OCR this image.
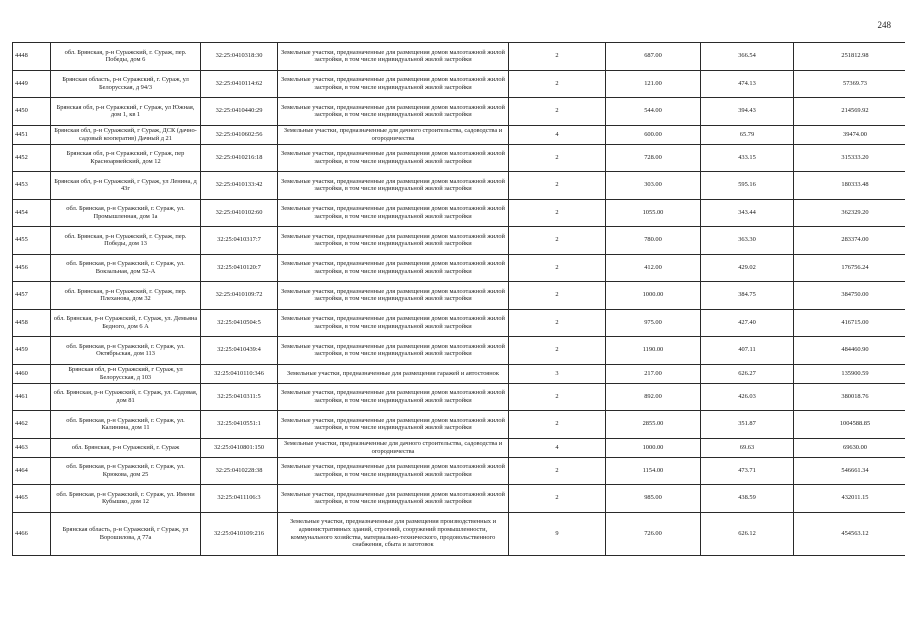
248
4448	обл. Брянская, р-н Суражский, г. Сураж, пер. Победы, дом 6	32:25:0410318:30	Земельные участки, предназначенные для размещения домов малоэтажной жилой застройки, в том числе индивидуальной жилой застройки	2	687.00	366.54	251812.98
4449	Брянская область, р-н Суражский, г. Сураж, ул Белорусская, д 94/3	32:25:0410114:62	Земельные участки, предназначенные для размещения домов малоэтажной жилой застройки, в том числе индивидуальной жилой застройки	2	121.00	474.13	57369.73
4450	Брянская обл, р-н Суражский, г Сураж, ул Южная, дом 1, кв 1	32:25:0410440:29	Земельные участки, предназначенные для размещения домов малоэтажной жилой застройки, в том числе индивидуальной жилой застройки	2	544.00	394.43	214569.92
4451	Брянская обл, р-н Суражский, г Сураж, ДСК (дачно-садовый кооператив) Дачный д 21	32:25:0410602:56	Земельные участки, предназначенные для дачного строительства, садоводства и огородничества	4	600.00	65.79	39474.00
4452	Брянская обл, р-н Суражский, г Сураж, пер Красноармейский, дом 12	32:25:0410216:18	Земельные участки, предназначенные для размещения домов малоэтажной жилой застройки, в том числе индивидуальной жилой застройки	2	728.00	433.15	315333.20
4453	Брянская обл, р-н Суражский, г Сураж, ул Ленина, д 43г	32:25:0410133:42	Земельные участки, предназначенные для размещения домов малоэтажной жилой застройки, в том числе индивидуальной жилой застройки	2	303.00	595.16	180333.48
4454	обл. Брянская, р-н Суражский, г. Сураж, ул. Промышленная, дом 1а	32:25:0410102:60	Земельные участки, предназначенные для размещения домов малоэтажной жилой застройки, в том числе индивидуальной жилой застройки	2	1055.00	343.44	362329.20
4455	обл. Брянская, р-н Суражский, г. Сураж, пер. Победы, дом 13	32:25:0410317:7	Земельные участки, предназначенные для размещения домов малоэтажной жилой застройки, в том числе индивидуальной жилой застройки	2	780.00	363.30	283374.00
4456	обл. Брянская, р-н Суражский, г. Сураж, ул. Вокзальная, дом 52-А	32:25:0410120:7	Земельные участки, предназначенные для размещения домов малоэтажной жилой застройки, в том числе индивидуальной жилой застройки	2	412.00	429.02	176756.24
4457	обл. Брянская, р-н Суражский, г. Сураж, пер. Плеханова, дом 32	32:25:0410109:72	Земельные участки, предназначенные для размещения домов малоэтажной жилой застройки, в том числе индивидуальной жилой застройки	2	1000.00	384.75	384750.00
4458	обл. Брянская, р-н Суражский, г. Сураж, ул. Демьяна Бедного, дом 6 А	32:25:0410504:5	Земельные участки, предназначенные для размещения домов малоэтажной жилой застройки, в том числе индивидуальной жилой застройки	2	975.00	427.40	416715.00
4459	обл. Брянская, р-н Суражский, г. Сураж, ул. Октябрьская, дом 113	32:25:0410439:4	Земельные участки, предназначенные для размещения домов малоэтажной жилой застройки, в том числе индивидуальной жилой застройки	2	1190.00	407.11	484460.90
4460	Брянская обл, р-н Суражский, г Сураж, ул Белорусская, д 103	32:25:0410110:346	Земельные участки, предназначенные для размещения гаражей и автостоянок	3	217.00	626.27	135900.59
4461	обл. Брянская, р-н Суражский, г. Сураж, ул. Садовая, дом 81	32:25:0410311:5	Земельные участки, предназначенные для размещения домов малоэтажной жилой застройки, в том числе индивидуальной жилой застройки	2	892.00	426.03	380018.76
4462	обл. Брянская, р-н Суражский, г. Сураж, ул. Калинина, дом 11	32:25:0410551:1	Земельные участки, предназначенные для размещения домов малоэтажной жилой застройки, в том числе индивидуальной жилой застройки	2	2855.00	351.87	1004588.85
4463	обл. Брянская, р-н Суражский, г. Сураж	32:25:0410801:150	Земельные участки, предназначенные для дачного строительства, садоводства и огородничества	4	1000.00	69.63	69630.00
4464	обл. Брянская, р-н Суражский, г. Сураж, ул. Крюкова, дом 25	32:25:0410228:38	Земельные участки, предназначенные для размещения домов малоэтажной жилой застройки, в том числе индивидуальной жилой застройки	2	1154.00	473.71	546661.34
4465	обл. Брянская, р-н Суражский, г. Сураж, ул. Имени Кубышко, дом 12	32:25:0411106:3	Земельные участки, предназначенные для размещения домов малоэтажной жилой застройки, в том числе индивидуальной жилой застройки	2	985.00	438.59	432011.15
4466	Брянская область, р-н Суражский, г Сураж, ул Ворошилова, д 77а	32:25:0410109:216	Земельные участки, предназначенные для размещения производственных и административных зданий, строений, сооружений промышленности, коммунального хозяйства, материально-технического, продовольственного снабжения, сбыта и заготовок	9	726.00	626.12	454563.12
